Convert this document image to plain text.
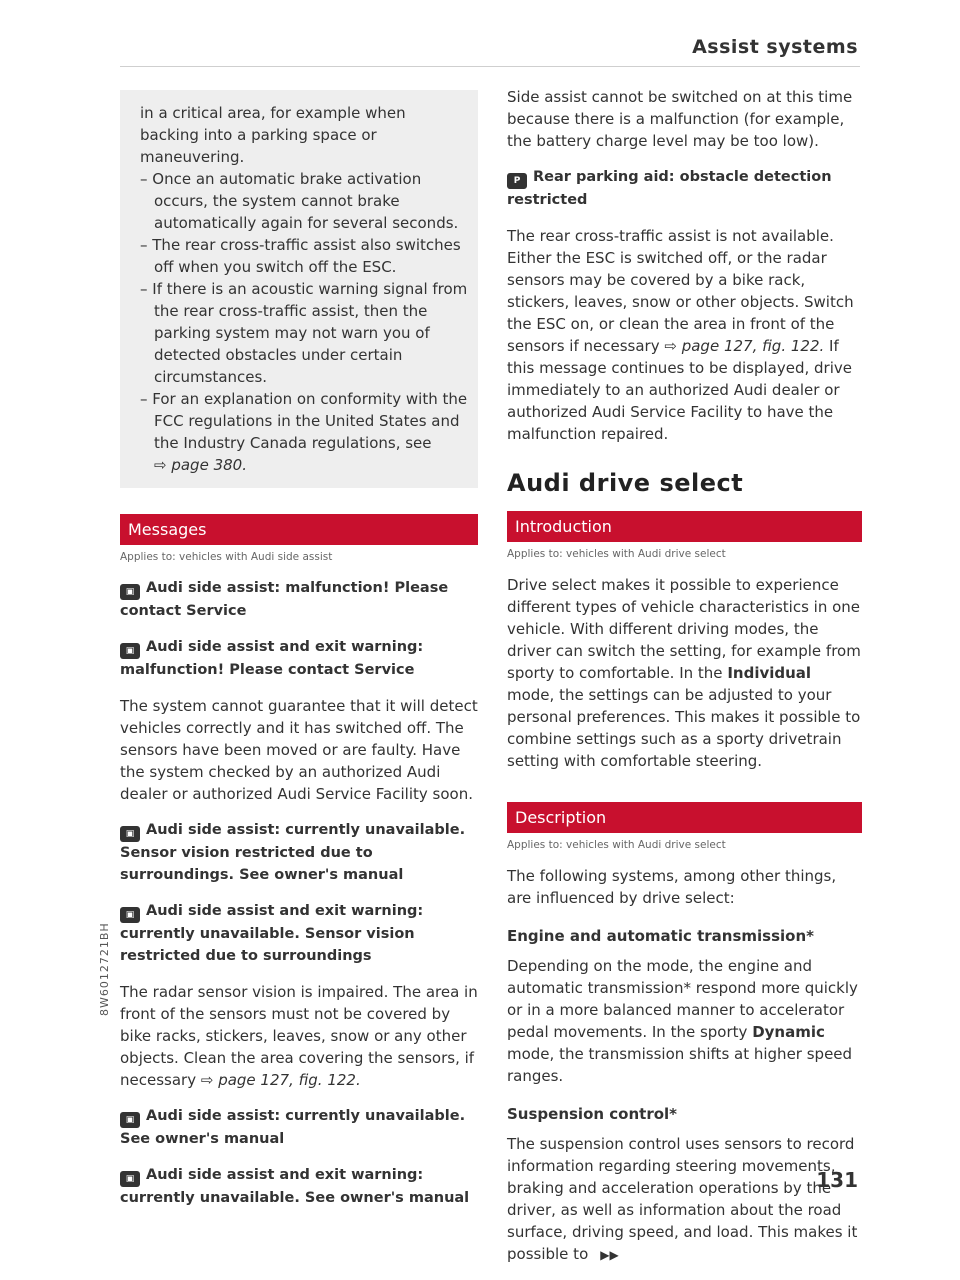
Assist systems
8W6012721BH

in a critical area, for example when backing into a parking space or maneuvering.

– Once an automatic brake activation occurs, the system cannot brake automatically again for several seconds.
– The rear cross-traffic assist also switches off when you switch off the ESC.
– If there is an acoustic warning signal from the rear cross-traffic assist, then the parking system may not warn you of detected obstacles under certain circumstances.
– For an explanation on conformity with the FCC regulations in the United States and the Industry Canada regulations, see
⇨ page 380.
Messages
Applies to: vehicles with Audi side assist

▣ Audi side assist: malfunction! Please contact Service

▣ Audi side assist and exit warning: malfunction! Please contact Service

The system cannot guarantee that it will detect vehicles correctly and it has switched off. The sensors have been moved or are faulty. Have the system checked by an authorized Audi dealer or authorized Audi Service Facility soon.

▣ Audi side assist: currently unavailable. Sensor vision restricted due to surroundings. See owner's manual

▣ Audi side assist and exit warning: currently unavailable. Sensor vision restricted due to surroundings

The radar sensor vision is impaired. The area in front of the sensors must not be covered by bike racks, stickers, leaves, snow or any other objects. Clean the area covering the sensors, if necessary ⇨ page 127, fig. 122.

▣ Audi side assist: currently unavailable. See owner's manual

▣ Audi side assist and exit warning: currently unavailable. See owner's manual

Side assist cannot be switched on at this time because there is a malfunction (for example, the battery charge level may be too low).

P Rear parking aid: obstacle detection restricted

The rear cross-traffic assist is not available. Either the ESC is switched off, or the radar sensors may be covered by a bike rack, stickers, leaves, snow or other objects. Switch the ESC on, or clean the area in front of the sensors if necessary ⇨ page 127, fig. 122. If this message continues to be displayed, drive immediately to an authorized Audi dealer or authorized Audi Service Facility to have the malfunction repaired.

Audi drive select
Introduction
Applies to: vehicles with Audi drive select

Drive select makes it possible to experience different types of vehicle characteristics in one vehicle. With different driving modes, the driver can switch the setting, for example from sporty to comfortable. In the Individual mode, the settings can be adjusted to your personal preferences. This makes it possible to combine settings such as a sporty drivetrain setting with comfortable steering.

Description
Applies to: vehicles with Audi drive select

The following systems, among other things, are influenced by drive select:

Engine and automatic transmission*

Depending on the mode, the engine and automatic transmission* respond more quickly or in a more balanced manner to accelerator pedal movements. In the sporty Dynamic mode, the transmission shifts at higher speed ranges.

Suspension control*

The suspension control uses sensors to record information regarding steering movements, braking and acceleration operations by the driver, as well as information about the road surface, driving speed, and load. This makes it possible to ▶▶

131
